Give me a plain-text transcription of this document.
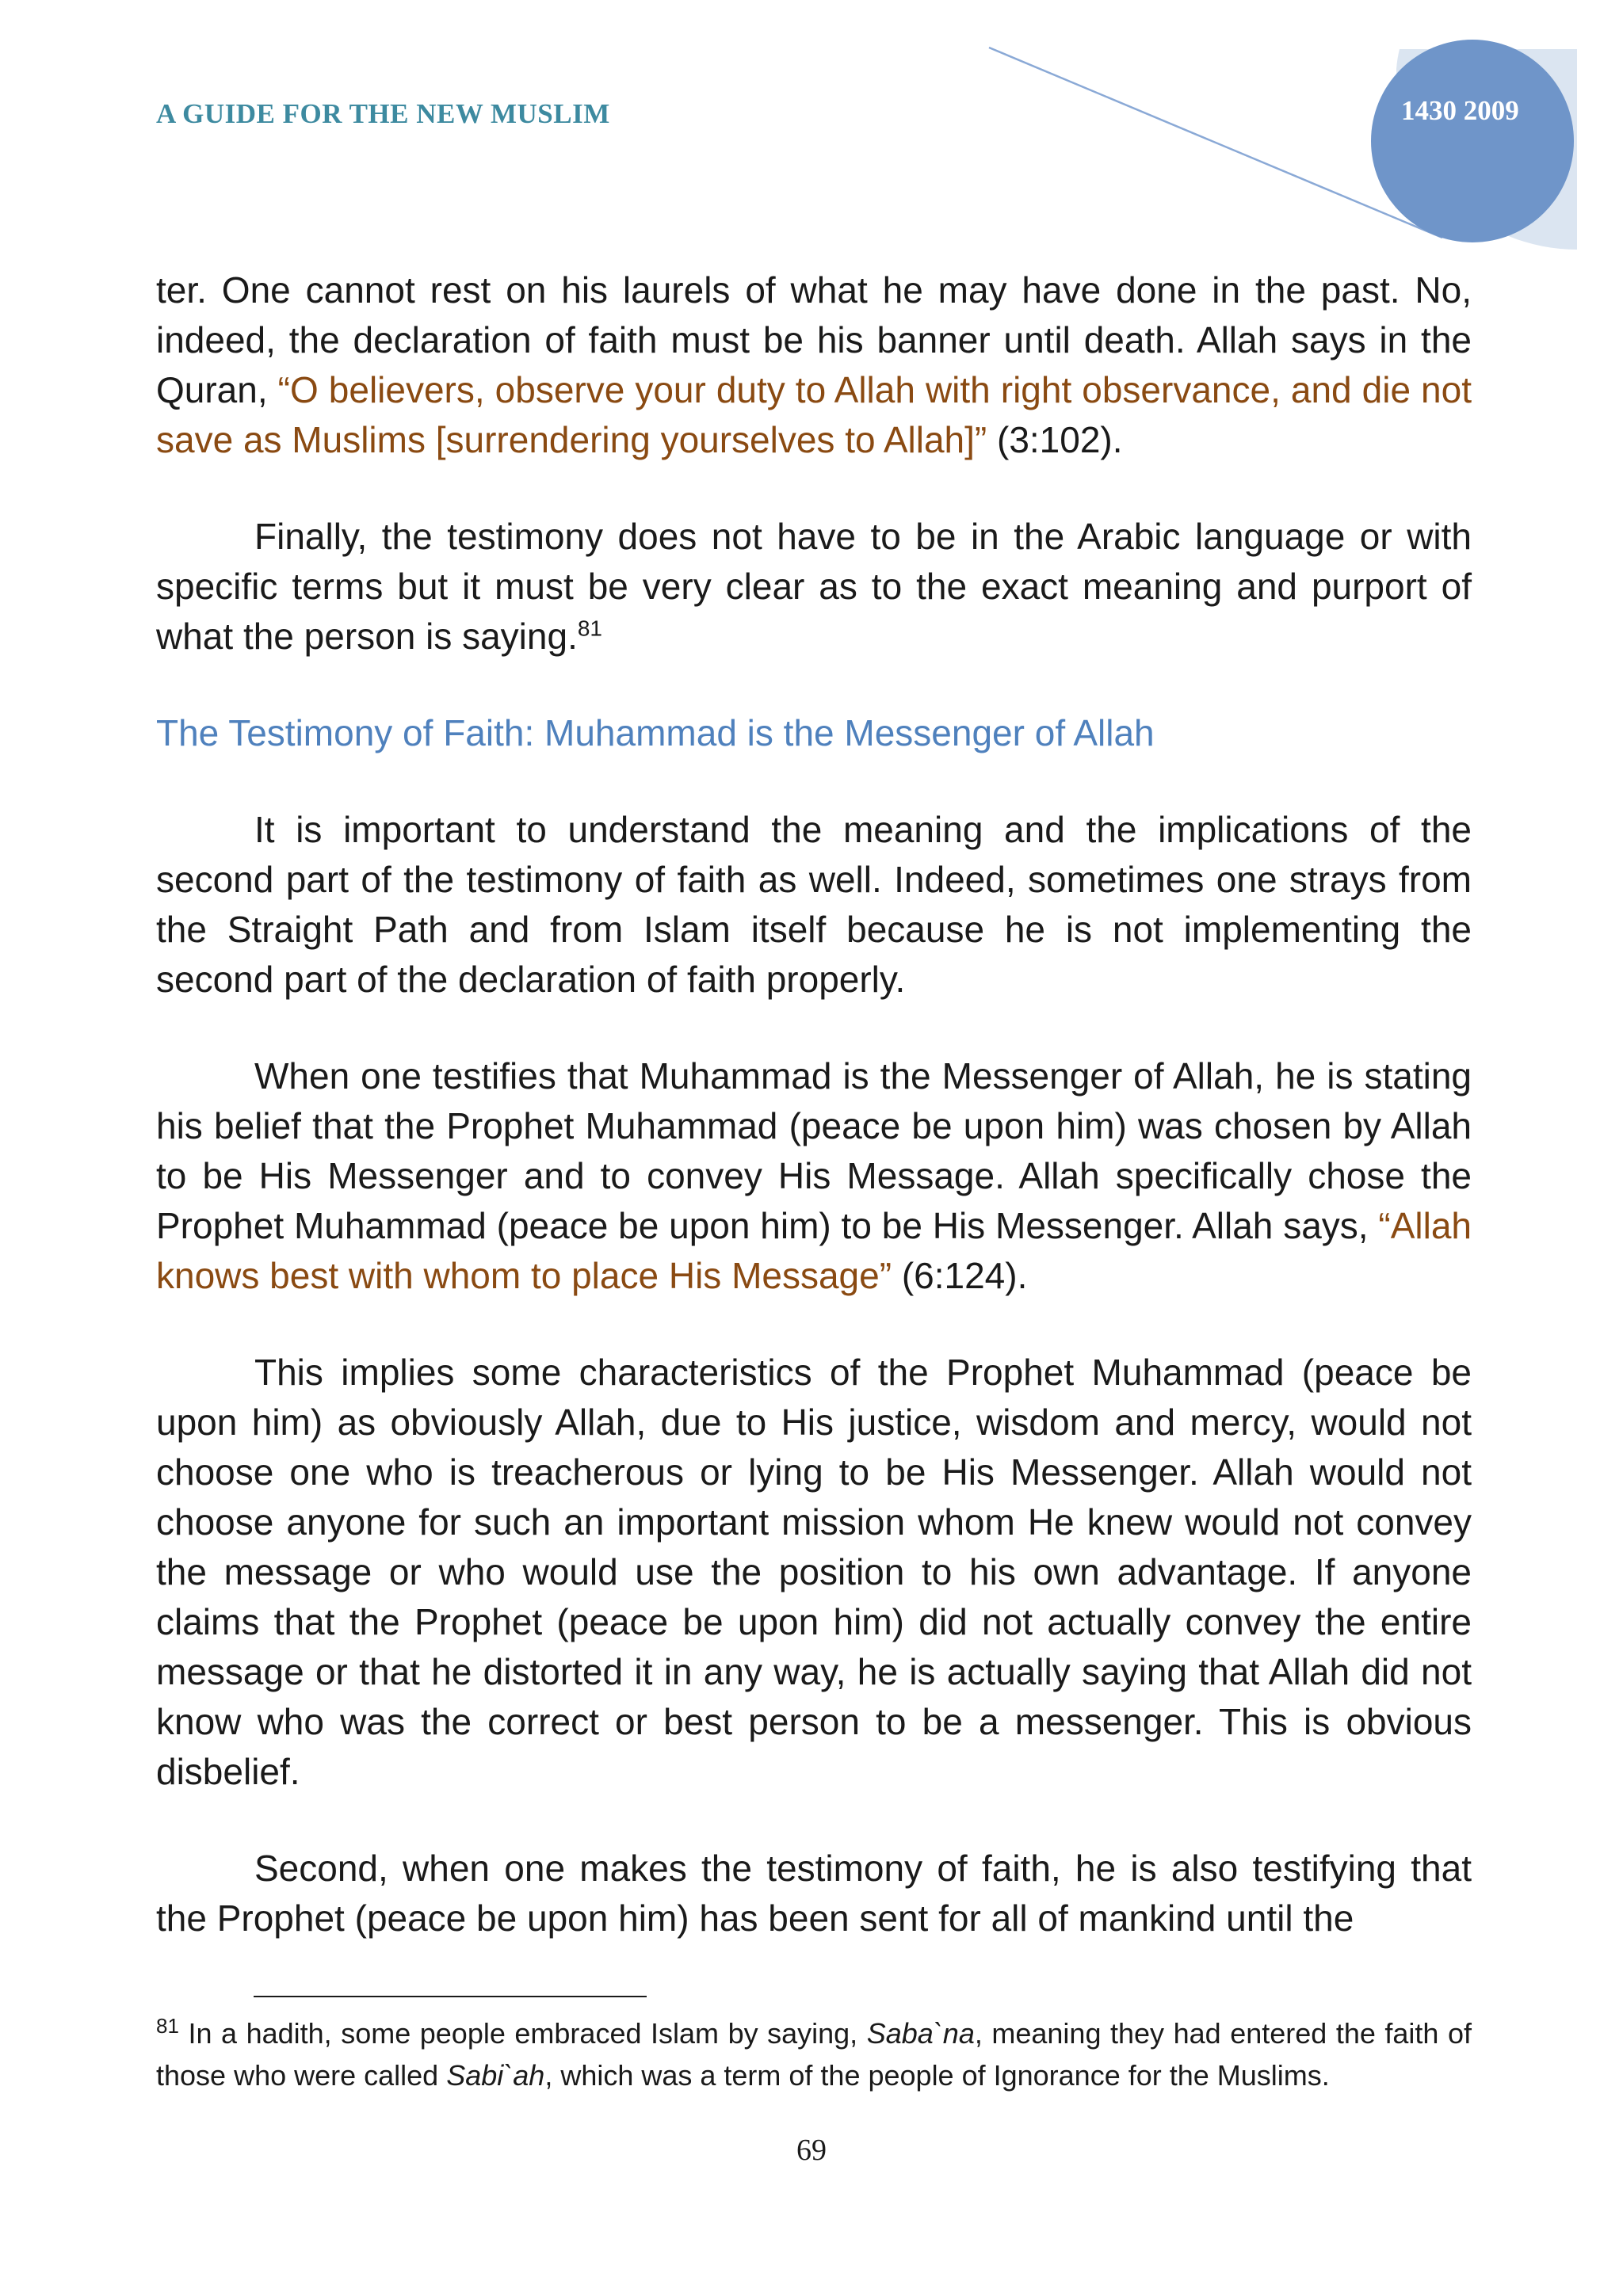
A GUIDE FOR THE NEW MUSLIM	1430 2009

ter. One cannot rest on his laurels of what he may have done in the past. No, indeed, the declaration of faith must be his banner until death. Allah says in the Quran, “O believers, observe your duty to Allah with right observance, and die not save as Muslims [surrendering yourselves to Allah]” (3:102).

Finally, the testimony does not have to be in the Arabic language or with specific terms but it must be very clear as to the exact meaning and purport of what the person is saying.$^{81}$

The Testimony of Faith: Muhammad is the Messenger of Allah

It is important to understand the meaning and the implications of the second part of the testimony of faith as well. Indeed, sometimes one strays from the Straight Path and from Islam itself because he is not implementing the second part of the declaration of faith properly.

When one testifies that Muhammad is the Messenger of Allah, he is stating his belief that the Prophet Muhammad (peace be upon him) was chosen by Allah to be His Messenger and to convey His Message. Allah specifically chose the Prophet Muhammad (peace be upon him) to be His Messenger. Allah says, “Allah knows best with whom to place His Message” (6:124).

This implies some characteristics of the Prophet Muhammad (peace be upon him) as obviously Allah, due to His justice, wisdom and mercy, would not choose one who is treacherous or lying to be His Messenger. Allah would not choose anyone for such an important mission whom He knew would not convey the message or who would use the position to his own advantage. If anyone claims that the Prophet (peace be upon him) did not actually convey the entire message or that he distorted it in any way, he is actually saying that Allah did not know who was the correct or best person to be a messenger. This is obvious disbelief.

Second, when one makes the testimony of faith, he is also testifying that the Prophet (peace be upon him) has been sent for all of mankind until the

$^{81}$ In a hadith, some people embraced Islam by saying, Saba`na, meaning they had entered the faith of those who were called Sabi`ah, which was a term of the people of Ignorance for the Muslims.
69
